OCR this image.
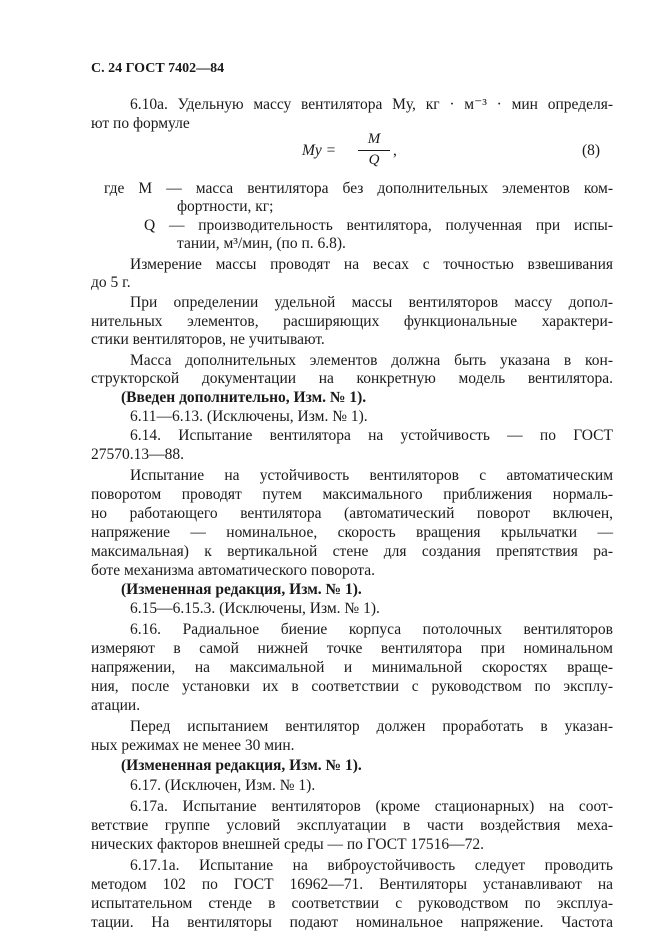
С. 24 ГОСТ 7402—84
6.10а. Удельную массу вентилятора Mу, кг · м⁻³ · мин определя-
ют по формуле
Mу =
M
Q
,	(8)
где M — масса вентилятора без дополнительных элементов ком-
фортности, кг;
Q — производительность вентилятора, полученная при испы-
тании, м³/мин, (по п. 6.8).
Измерение массы проводят на весах с точностью взвешивания
до 5 г.
При определении удельной массы вентиляторов массу допол-
нительных элементов, расширяющих функциональные характери-
стики вентиляторов, не учитывают.
Масса дополнительных элементов должна быть указана в кон-
структорской документации на конкретную модель вентилятора.
(Введен дополнительно, Изм. № 1).
6.11—6.13. (Исключены, Изм. № 1).
6.14. Испытание вентилятора на устойчивость — по ГОСТ
27570.13—88.
Испытание на устойчивость вентиляторов с автоматическим
поворотом проводят путем максимального приближения нормаль-
но работающего вентилятора (автоматический поворот включен,
напряжение — номинальное, скорость вращения крыльчатки —
максимальная) к вертикальной стене для создания препятствия ра-
боте механизма автоматического поворота.
(Измененная редакция, Изм. № 1).
6.15—6.15.3. (Исключены, Изм. № 1).
6.16. Радиальное биение корпуса потолочных вентиляторов
измеряют в самой нижней точке вентилятора при номинальном
напряжении, на максимальной и минимальной скоростях враще-
ния, после установки их в соответствии с руководством по эксплу-
атации.
Перед испытанием вентилятор должен проработать в указан-
ных режимах не менее 30 мин.
(Измененная редакция, Изм. № 1).
6.17. (Исключен, Изм. № 1).
6.17а. Испытание вентиляторов (кроме стационарных) на соот-
ветствие группе условий эксплуатации в части воздействия меха-
нических факторов внешней среды — по ГОСТ 17516—72.
6.17.1а. Испытание на виброустойчивость следует проводить
методом 102 по ГОСТ 16962—71. Вентиляторы устанавливают на
испытательном стенде в соответствии с руководством по эксплуа-
тации. На вентиляторы подают номинальное напряжение. Частота
